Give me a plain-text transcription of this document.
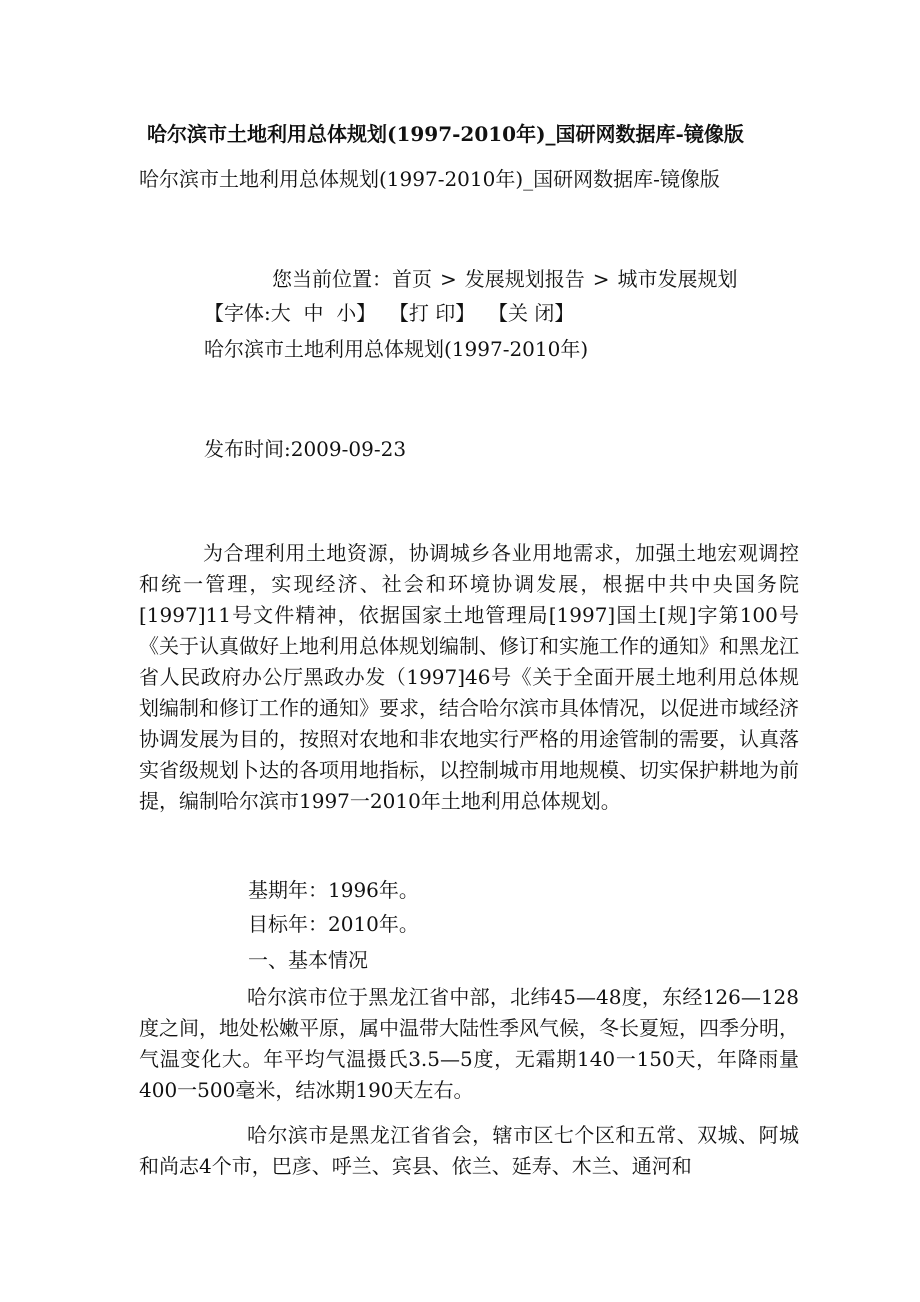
哈尔滨市土地利用总体规划(1997-2010年)_国研网数据库-镜像版
哈尔滨市土地利用总体规划(1997-2010年)_国研网数据库-镜像版
您当前位置：首页 > 发展规划报告 > 城市发展规划
【字体:大 中 小】 【打 印】 【关 闭】
哈尔滨市土地利用总体规划(1997-2010年)
发布时间:2009-09-23
为合理利用土地资源，协调城乡各业用地需求，加强土地宏观调控和统一管理，实现经济、社会和环境协调发展，根据中共中央国务院[1997]11号文件精神，依据国家土地管理局[1997]国土[规]字第100号《关于认真做好上地利用总体规划编制、修订和实施工作的通知》和黑龙江省人民政府办公厅黑政办发（1997]46号《关于全面开展土地利用总体规划编制和修订工作的通知》要求，结合哈尔滨市具体情况，以促进市域经济协调发展为目的，按照对农地和非农地实行严格的用途管制的需要，认真落实省级规划卜达的各项用地指标，以控制城市用地规模、切实保护耕地为前提，编制哈尔滨市1997一2010年土地利用总体规划。
基期年：1996年。
目标年：2010年。
一、基本情况
哈尔滨市位于黑龙江省中部，北纬45—48度，东经126—128度之间，地处松嫩平原，属中温带大陆性季风气候，冬长夏短，四季分明，气温变化大。年平均气温摄氏3.5—5度，无霜期140一150天，年降雨量400一500毫米，结冰期190天左右。
哈尔滨市是黑龙江省省会，辖市区七个区和五常、双城、阿城和尚志4个市，巴彦、呼兰、宾县、依兰、延寿、木兰、通河和
